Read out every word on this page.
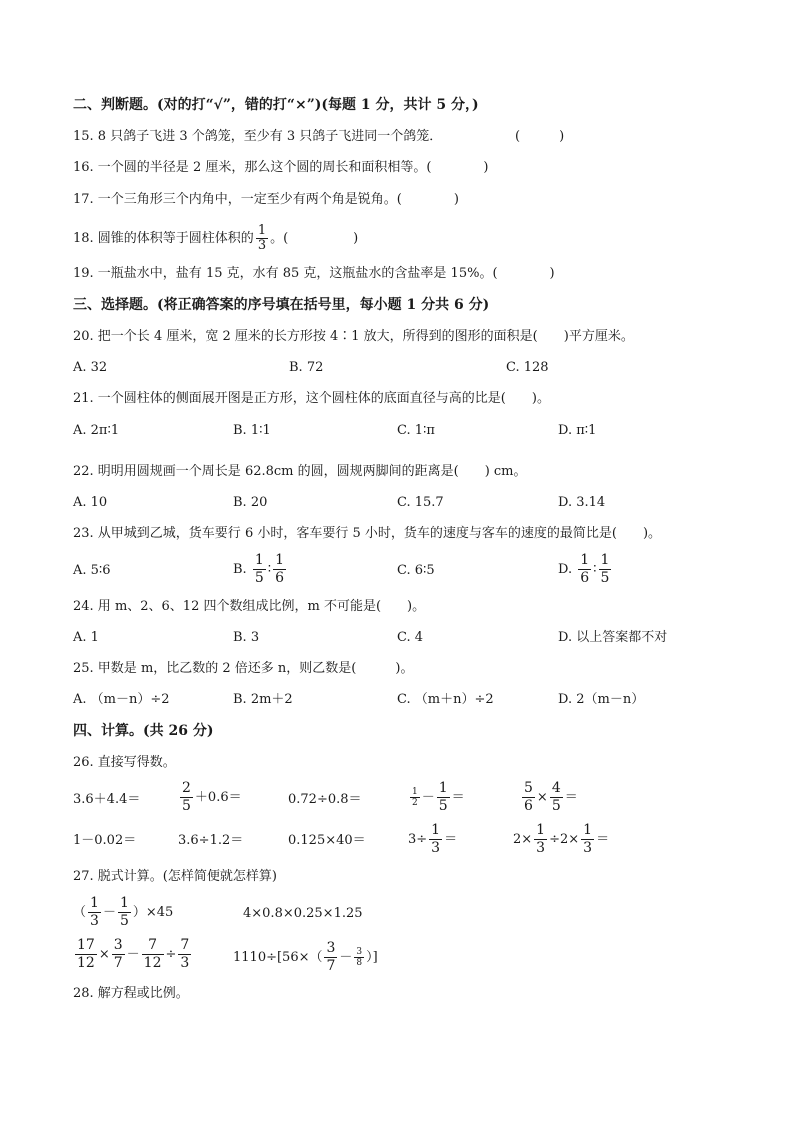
二、判断题。(对的打“√”，错的打“×”)(每题 1 分，共计 5 分，)
15. 8 只鸽子飞进 3 个鸽笼，至少有 3 只鸽子飞进同一个鸽笼．	(　　　)
16. 一个圆的半径是 2 厘米，那么这个圆的周长和面积相等。(　　　　)
17. 一个三角形三个内角中，一定至少有两个角是锐角。(　　　　)
18. 圆锥的体积等于圆柱体积的 $\frac{1}{3}$ 。(　　　　　)
19. 一瓶盐水中，盐有 15 克，水有 85 克，这瓶盐水的含盐率是 15%。(　　　　)
三、选择题。(将正确答案的序号填在括号里，每小题 1 分共 6 分)
20. 把一个长 4 厘米，宽 2 厘米的长方形按 4∶1 放大，所得到的图形的面积是(　　)平方厘米。
A. 32	B. 72	C. 128
21. 一个圆柱体的侧面展开图是正方形，这个圆柱体的底面直径与高的比是(　　)。
A. 2π∶1	B. 1∶1	C. 1∶π	D. π∶1
22. 明明用圆规画一个周长是 62.8cm 的圆，圆规两脚间的距离是(　　) cm。
A. 10	B. 20	C. 15.7	D. 3.14
23. 从甲城到乙城，货车要行 6 小时，客车要行 5 小时，货车的速度与客车的速度的最简比是(　　)。
A. 5∶6	B. $\frac{1}{5}$ ∶ $\frac{1}{6}$	C. 6∶5	D. $\frac{1}{6}$ ∶ $\frac{1}{5}$
24. 用 m、2、6、12 四个数组成比例，m 不可能是(　　)。
A. 1	B. 3	C. 4	D. 以上答案都不对
25. 甲数是 m，比乙数的 2 倍还多 n，则乙数是(　　　)。
A. （m－n）÷2	B. 2m＋2	C. （m＋n）÷2	D. 2（m－n）
四、计算。(共 26 分)
26. 直接写得数。
3.6＋4.4＝	$\frac{2}{5} +0.6=$	0.72÷0.8＝	$\frac{1}{2} - \frac{1}{5}$ ＝	$\frac{5}{6} \times \frac{4}{5}$ ＝
1－0.02＝	3.6÷1.2＝	0.125×40＝	$3\div \frac{1}{3}$ ＝	$2\times \frac{1}{3} \div 2\times \frac{1}{3}$ ＝
27. 脱式计算。(怎样简便就怎样算)
（ $\frac{1}{3} - \frac{1}{5} )\times 45$	4×0.8×0.25×1.25
$\frac{17}{12} \times \frac{3}{7} - \frac{7}{12} \div \frac{7}{3}$	$1110\div[56\times( \frac{3}{7} - \frac{3}{8}$ ）]
28. 解方程或比例。
